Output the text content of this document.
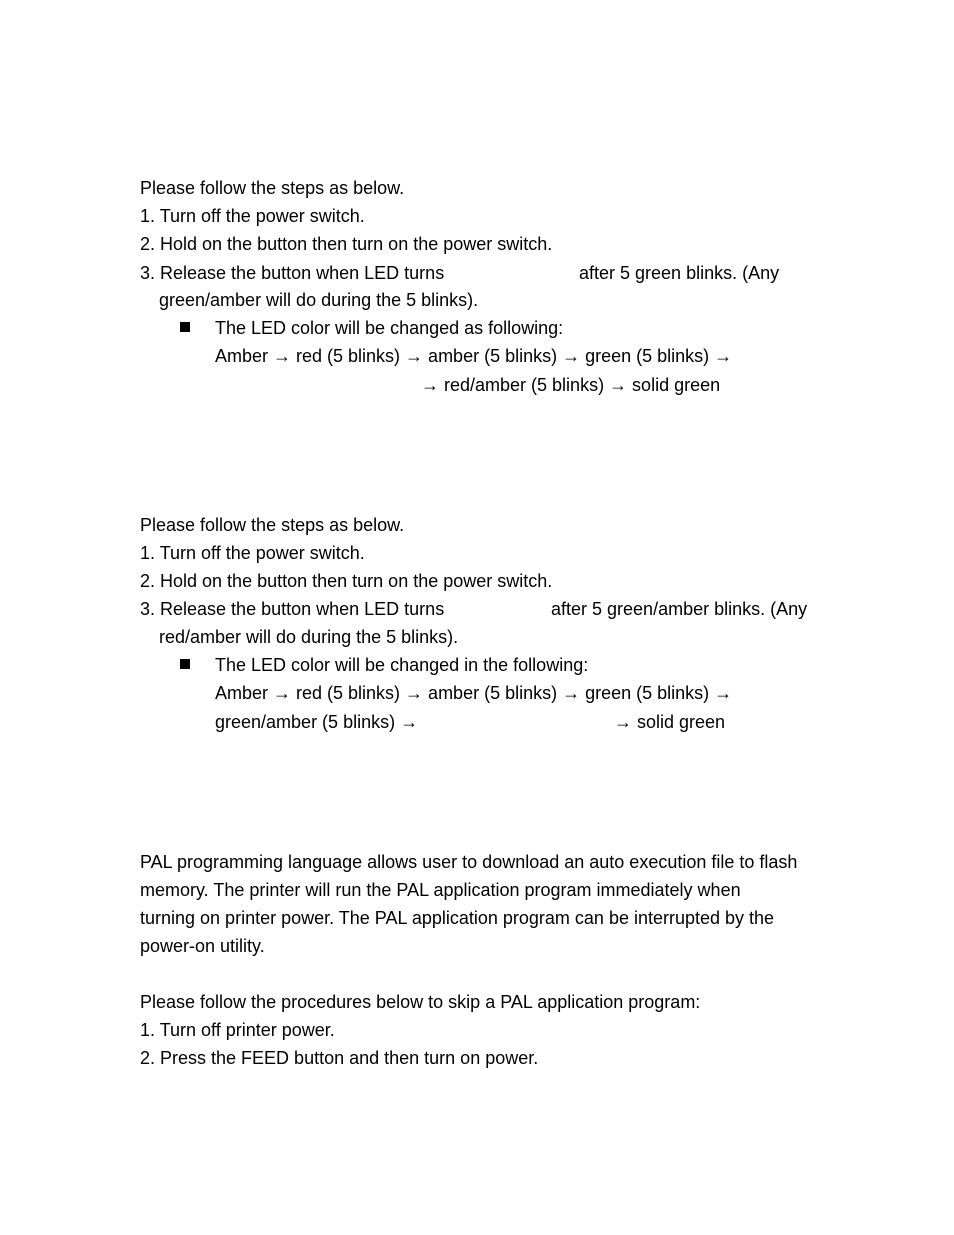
Please follow the steps as below.
1. Turn off the power switch.
2. Hold on the button then turn on the power switch.
3. Release the button when LED turns	after 5 green blinks. (Any
green/amber will do during the 5 blinks).
The LED color will be changed as following:
Amber → red (5 blinks) → amber (5 blinks) → green (5 blinks) →
→ red/amber (5 blinks) → solid green
Please follow the steps as below.
1. Turn off the power switch.
2. Hold on the button then turn on the power switch.
3. Release the button when LED turns	after 5 green/amber blinks. (Any
red/amber will do during the 5 blinks).
The LED color will be changed in the following:
Amber → red (5 blinks) → amber (5 blinks) → green (5 blinks) →
green/amber (5 blinks) →	→ solid green
PAL programming language allows user to download an auto execution file to flash
memory. The printer will run the PAL application program immediately when
turning on printer power. The PAL application program can be interrupted by the
power-on utility.
Please follow the procedures below to skip a PAL application program:
1. Turn off printer power.
2. Press the FEED button and then turn on power.
